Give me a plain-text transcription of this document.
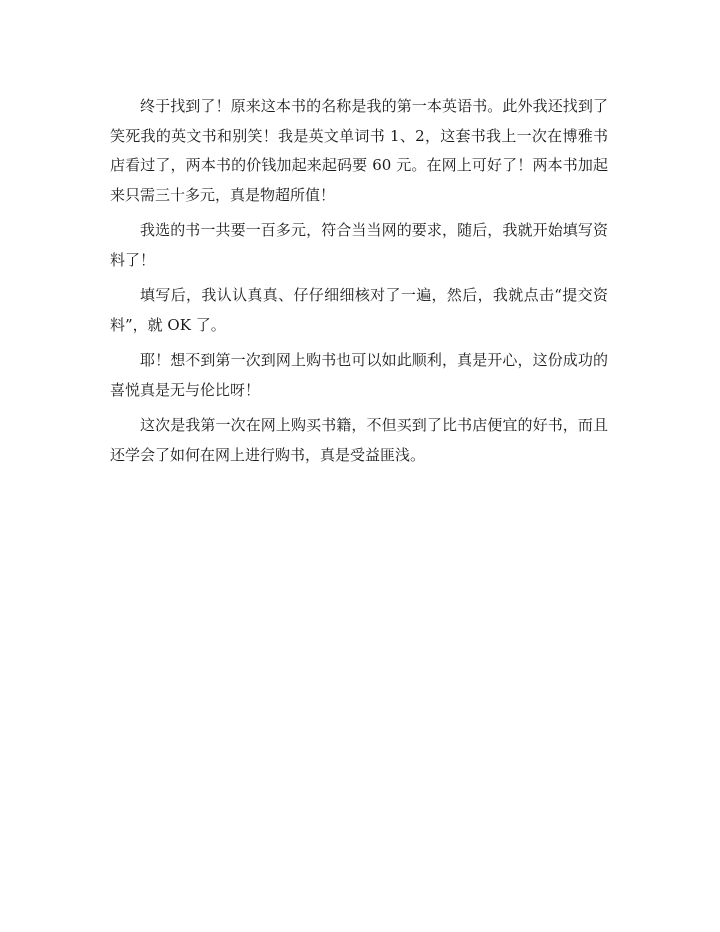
终于找到了！原来这本书的名称是我的第一本英语书。此外我还找到了笑死我的英文书和别笑！我是英文单词书 1、2，这套书我上一次在博雅书店看过了，两本书的价钱加起来起码要 60 元。在网上可好了！两本书加起来只需三十多元，真是物超所值！

我选的书一共要一百多元，符合当当网的要求，随后，我就开始填写资料了！

填写后，我认认真真、仔仔细细核对了一遍，然后，我就点击“提交资料”，就 OK 了。

耶！想不到第一次到网上购书也可以如此顺利，真是开心，这份成功的喜悦真是无与伦比呀！

这次是我第一次在网上购买书籍，不但买到了比书店便宜的好书，而且还学会了如何在网上进行购书，真是受益匪浅。
